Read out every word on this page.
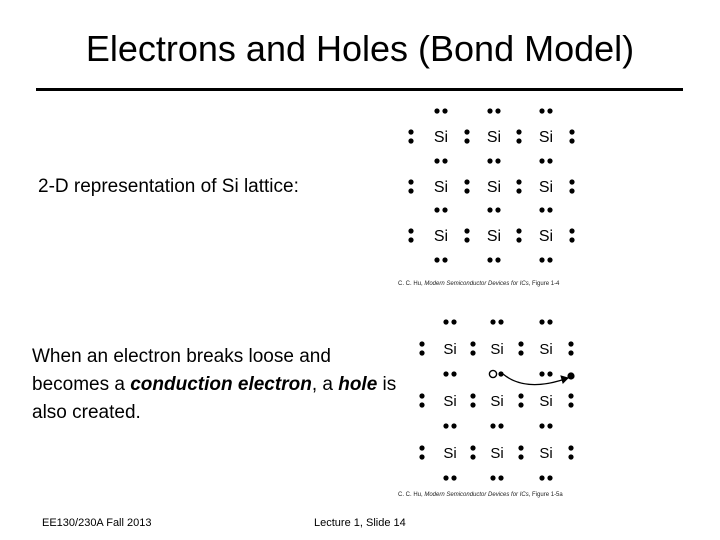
Electrons and Holes (Bond Model)
2-D representation of Si lattice:
Si Si Si
Si Si Si
Si Si Si
C. C. Hu, Modern Semiconductor Devices for ICs, Figure 1-4
When an electron breaks loose and becomes a conduction electron, a hole is also created.
Si Si Si
Si Si Si
Si Si Si
C. C. Hu, Modern Semiconductor Devices for ICs, Figure 1-5a
EE130/230A Fall 2013	Lecture 1, Slide 14
